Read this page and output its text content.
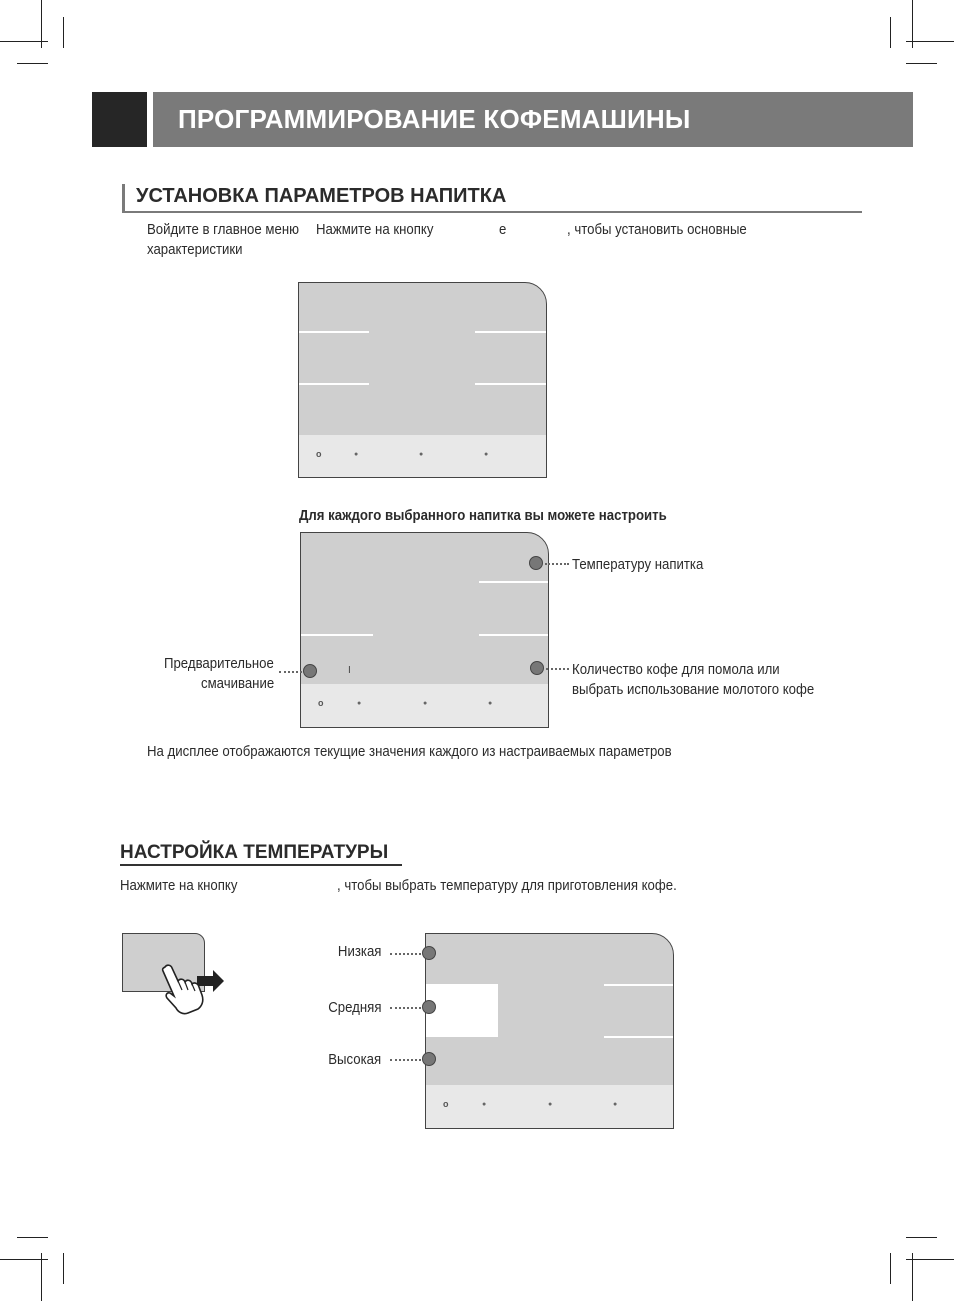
ПРОГРАММИРОВАНИЕ КОФЕМАШИНЫ
УСТАНОВКА ПАРАМЕТРОВ НАПИТКА
Войдите в главное меню Нажмите на кнопку	е	, чтобы установить основные
характеристики
o	●	●	●
Для каждого выбранного напитка вы можете настроить
I
o	●	●	●
Температуру напитка
Количество кофе для помола или
выбрать использование молотого кофе
Предварительное
смачивание
На дисплее отображаются текущие значения каждого из настраиваемых параметров
НАСТРОЙКА ТЕМПЕРАТУРЫ
Нажмите на кнопку	, чтобы выбрать температуру для приготовления кофе.
o	●	●	●
Низкая
Средняя
Высокая
